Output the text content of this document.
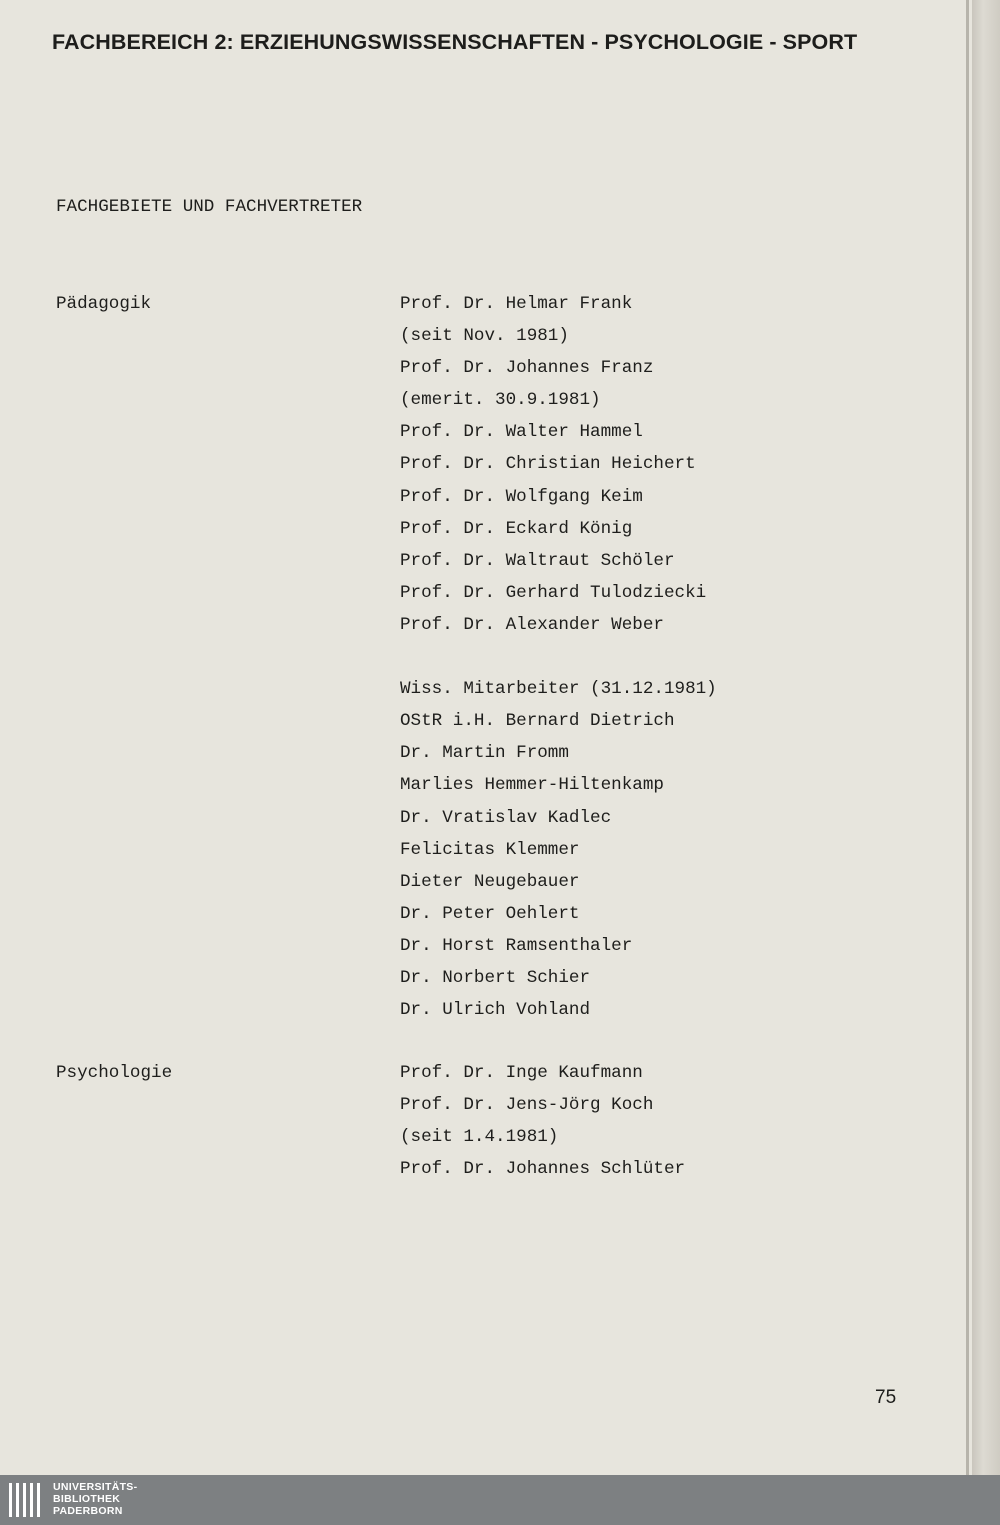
FACHBEREICH 2: ERZIEHUNGSWISSENSCHAFTEN - PSYCHOLOGIE - SPORT
FACHGEBIETE UND FACHVERTRETER
Pädagogik	Prof. Dr. Helmar Frank
(seit Nov. 1981)
Prof. Dr. Johannes Franz
(emerit. 30.9.1981)
Prof. Dr. Walter Hammel
Prof. Dr. Christian Heichert
Prof. Dr. Wolfgang Keim
Prof. Dr. Eckard König
Prof. Dr. Waltraut Schöler
Prof. Dr. Gerhard Tulodziecki
Prof. Dr. Alexander Weber
Wiss. Mitarbeiter (31.12.1981)
OStR i.H. Bernard Dietrich
Dr. Martin Fromm
Marlies Hemmer-Hiltenkamp
Dr. Vratislav Kadlec
Felicitas Klemmer
Dieter Neugebauer
Dr. Peter Oehlert
Dr. Horst Ramsenthaler
Dr. Norbert Schier
Dr. Ulrich Vohland
Psychologie	Prof. Dr. Inge Kaufmann
Prof. Dr. Jens-Jörg Koch
(seit 1.4.1981)
Prof. Dr. Johannes Schlüter
75
UNIVERSITÄTS-
BIBLIOTHEK
PADERBORN
